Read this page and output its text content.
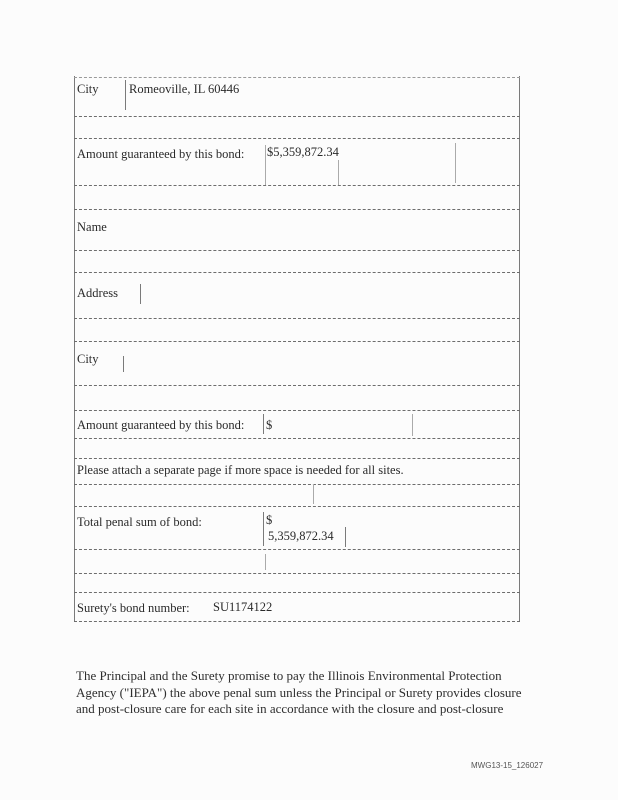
City Romeoville, IL 60446
Amount guaranteed by this bond: $5,359,872.34
Name
Address
City
Amount guaranteed by this bond: $
Please attach a separate page if more space is needed for all sites.
Total penal sum of bond:	$
5,359,872.34
Surety's bond number: SU1174122
The Principal and the Surety promise to pay the Illinois Environmental Protection
Agency ("IEPA") the above penal sum unless the Principal or Surety provides closure
and post-closure care for each site in accordance with the closure and post-closure
MWG13-15_126027
